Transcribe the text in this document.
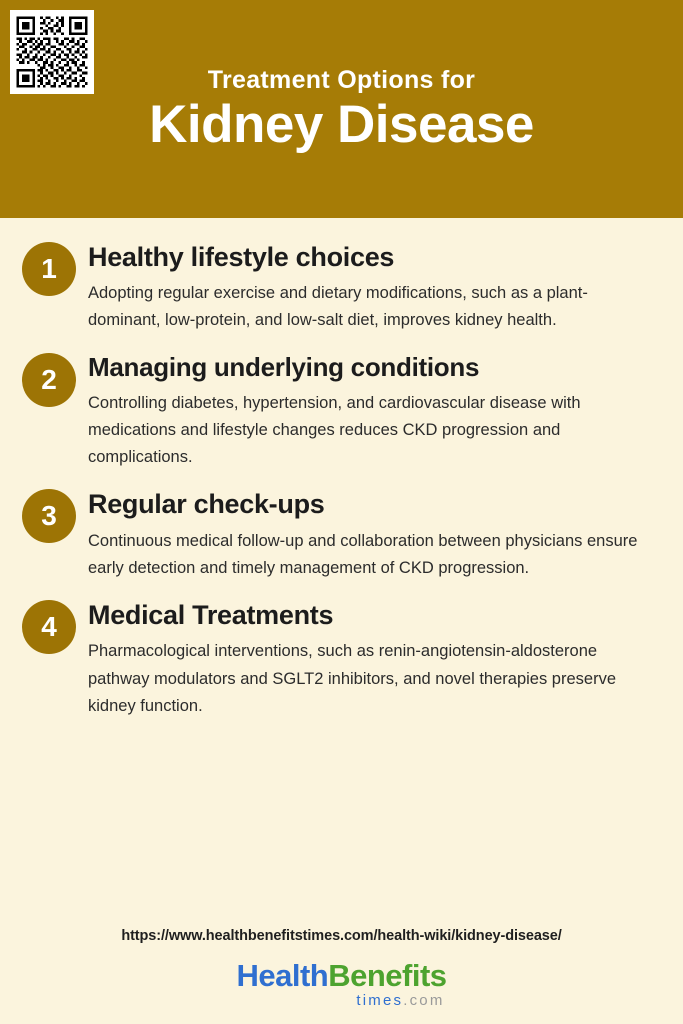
Treatment Options for
Kidney Disease
1	Healthy lifestyle choices

Adopting regular exercise and dietary modifications, such as a plant-dominant, low-protein, and low-salt diet, improves kidney health.

2	Managing underlying conditions

Controlling diabetes, hypertension, and cardiovascular disease with medications and lifestyle changes reduces CKD progression and complications.

3	Regular check-ups

Continuous medical follow-up and collaboration between physicians ensure early detection and timely management of CKD progression.

4	Medical Treatments

Pharmacological interventions, such as renin-angiotensin-aldosterone pathway modulators and SGLT2 inhibitors, and novel therapies preserve kidney function.

https://www.healthbenefitstimes.com/health-wiki/kidney-disease/
HealthBenefits
times.com
